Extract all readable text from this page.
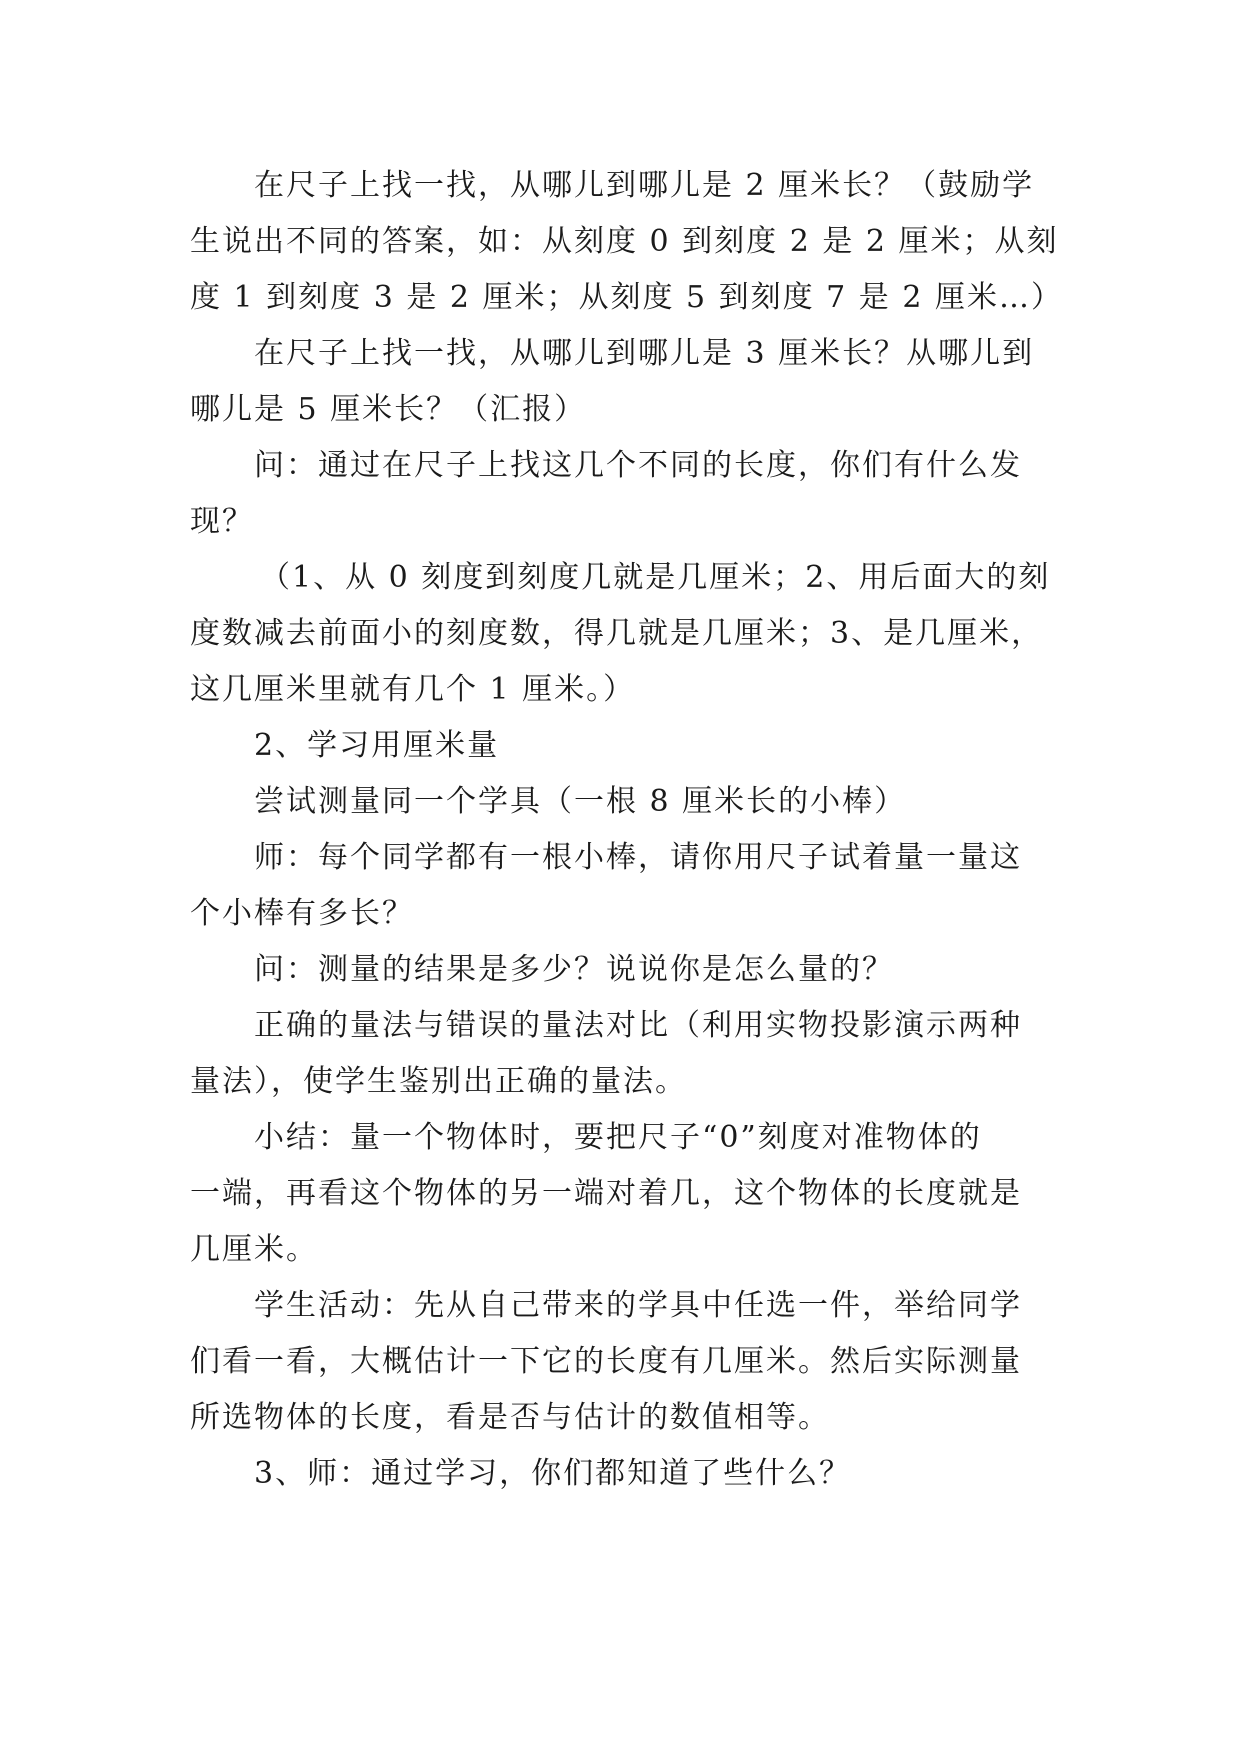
在尺子上找一找，从哪儿到哪儿是 2 厘米长？（鼓励学
生说出不同的答案，如：从刻度 0 到刻度 2 是 2 厘米；从刻
度 1 到刻度 3 是 2 厘米；从刻度 5 到刻度 7 是 2 厘米…）
在尺子上找一找，从哪儿到哪儿是 3 厘米长？从哪儿到
哪儿是 5 厘米长？（汇报）
问：通过在尺子上找这几个不同的长度，你们有什么发
现？
（1、从 0 刻度到刻度几就是几厘米；2、用后面大的刻
度数减去前面小的刻度数，得几就是几厘米；3、是几厘米，
这几厘米里就有几个 1 厘米。）
2、学习用厘米量
尝试测量同一个学具（一根 8 厘米长的小棒）
师：每个同学都有一根小棒，请你用尺子试着量一量这
个小棒有多长？
问：测量的结果是多少？说说你是怎么量的？
正确的量法与错误的量法对比（利用实物投影演示两种
量法），使学生鉴别出正确的量法。
小结：量一个物体时，要把尺子“0”刻度对准物体的
一端，再看这个物体的另一端对着几，这个物体的长度就是
几厘米。
学生活动：先从自己带来的学具中任选一件，举给同学
们看一看，大概估计一下它的长度有几厘米。然后实际测量
所选物体的长度，看是否与估计的数值相等。
3、师：通过学习，你们都知道了些什么？
